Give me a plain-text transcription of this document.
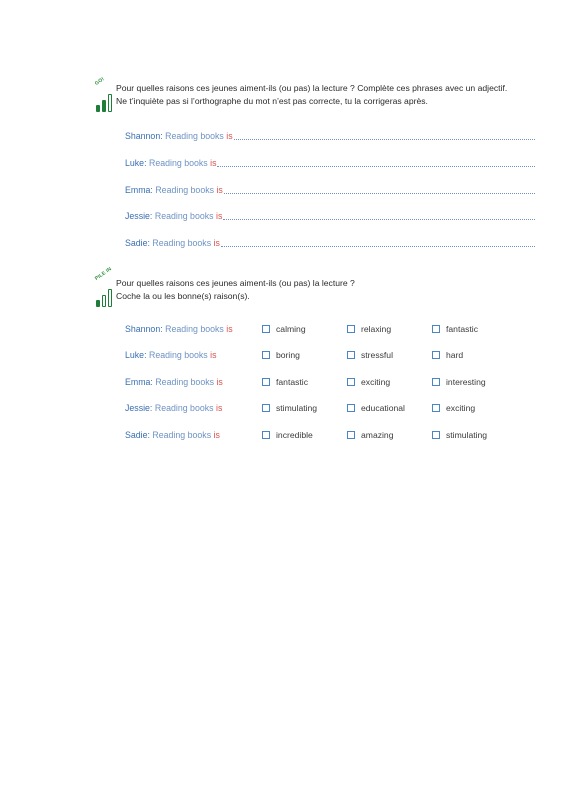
GO!
Pour quelles raisons ces jeunes aiment-ils (ou pas) la lecture ? Complète ces phrases avec un adjectif.
Ne t’inquiète pas si l’orthographe du mot n’est pas correcte, tu la corrigeras après.
Shannon:
Reading books
is
Luke:
Reading books
is
Emma:
Reading books
is
Jessie:
Reading books
is
Sadie:
Reading books
is
PILE IN
Pour quelles raisons ces jeunes aiment-ils (ou pas) la lecture ?
Coche la ou les bonne(s) raison(s).
Shannon: Reading books is	calming	relaxing	fantastic
Luke: Reading books is	boring	stressful	hard
Emma: Reading books is	fantastic	exciting	interesting
Jessie: Reading books is	stimulating	educational	exciting
Sadie: Reading books is	incredible	amazing	stimulating
